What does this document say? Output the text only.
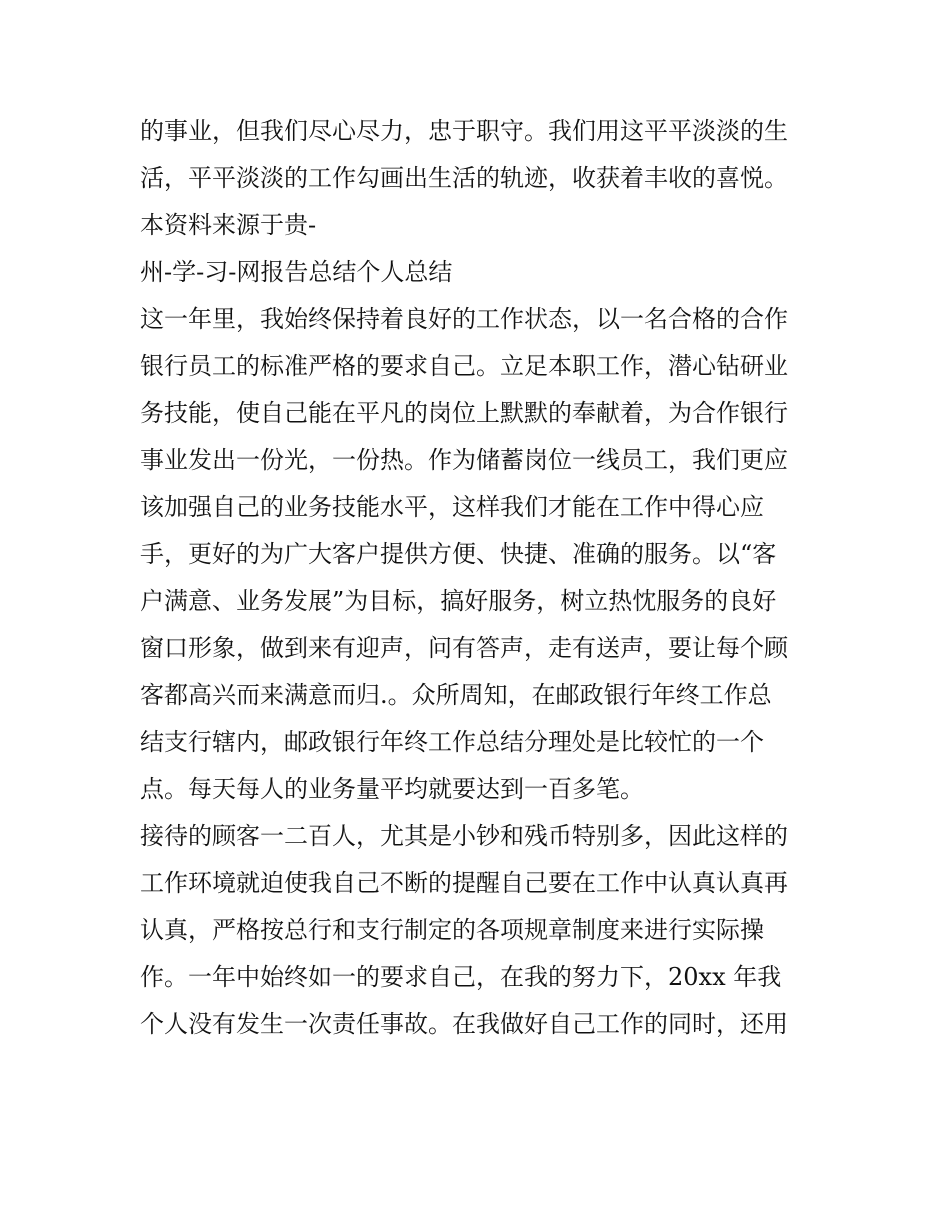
的事业，但我们尽心尽力，忠于职守。我们用这平平淡淡的生
活，平平淡淡的工作勾画出生活的轨迹，收获着丰收的喜悦。
本资料来源于贵-
州-学-习-网报告总结个人总结
这一年里，我始终保持着良好的工作状态，以一名合格的合作
银行员工的标准严格的要求自己。立足本职工作，潜心钻研业
务技能，使自己能在平凡的岗位上默默的奉献着，为合作银行
事业发出一份光，一份热。作为储蓄岗位一线员工，我们更应
该加强自己的业务技能水平，这样我们才能在工作中得心应
手，更好的为广大客户提供方便、快捷、准确的服务。以“客
户满意、业务发展”为目标，搞好服务，树立热忱服务的良好
窗口形象，做到来有迎声，问有答声，走有送声，要让每个顾
客都高兴而来满意而归.。众所周知，在邮政银行年终工作总
结支行辖内，邮政银行年终工作总结分理处是比较忙的一个
点。每天每人的业务量平均就要达到一百多笔。
接待的顾客一二百人，尤其是小钞和残币特别多，因此这样的
工作环境就迫使我自己不断的提醒自己要在工作中认真认真再
认真，严格按总行和支行制定的各项规章制度来进行实际操
作。一年中始终如一的要求自己，在我的努力下，20xx 年我
个人没有发生一次责任事故。在我做好自己工作的同时，还用
